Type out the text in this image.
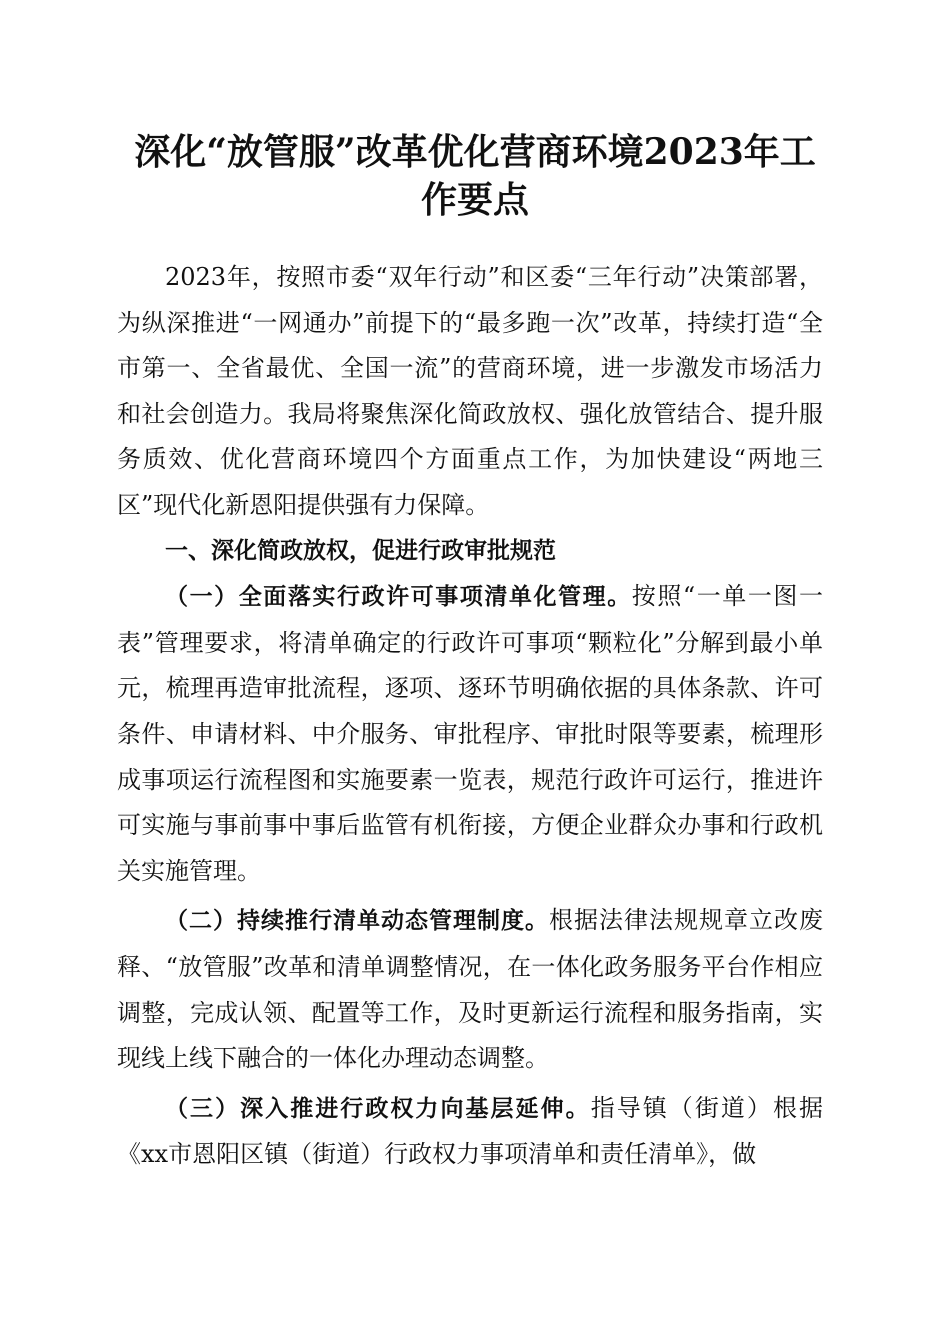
深化“放管服”改革优化营商环境2023年工作要点

2023年，按照市委“双年行动”和区委“三年行动”决策部署，为纵深推进“一网通办”前提下的“最多跑一次”改革，持续打造“全市第一、全省最优、全国一流”的营商环境，进一步激发市场活力和社会创造力。我局将聚焦深化简政放权、强化放管结合、提升服务质效、优化营商环境四个方面重点工作，为加快建设“两地三区”现代化新恩阳提供强有力保障。

一、深化简政放权，促进行政审批规范

（一）全面落实行政许可事项清单化管理。按照“一单一图一表”管理要求，将清单确定的行政许可事项“颗粒化”分解到最小单元，梳理再造审批流程，逐项、逐环节明确依据的具体条款、许可条件、申请材料、中介服务、审批程序、审批时限等要素，梳理形成事项运行流程图和实施要素一览表，规范行政许可运行，推进许可实施与事前事中事后监管有机衔接，方便企业群众办事和行政机关实施管理。

（二）持续推行清单动态管理制度。根据法律法规规章立改废释、“放管服”改革和清单调整情况，在一体化政务服务平台作相应调整，完成认领、配置等工作，及时更新运行流程和服务指南，实现线上线下融合的一体化办理动态调整。

（三）深入推进行政权力向基层延伸。指导镇（街道）根据《xx市恩阳区镇（街道）行政权力事项清单和责任清单》，做
